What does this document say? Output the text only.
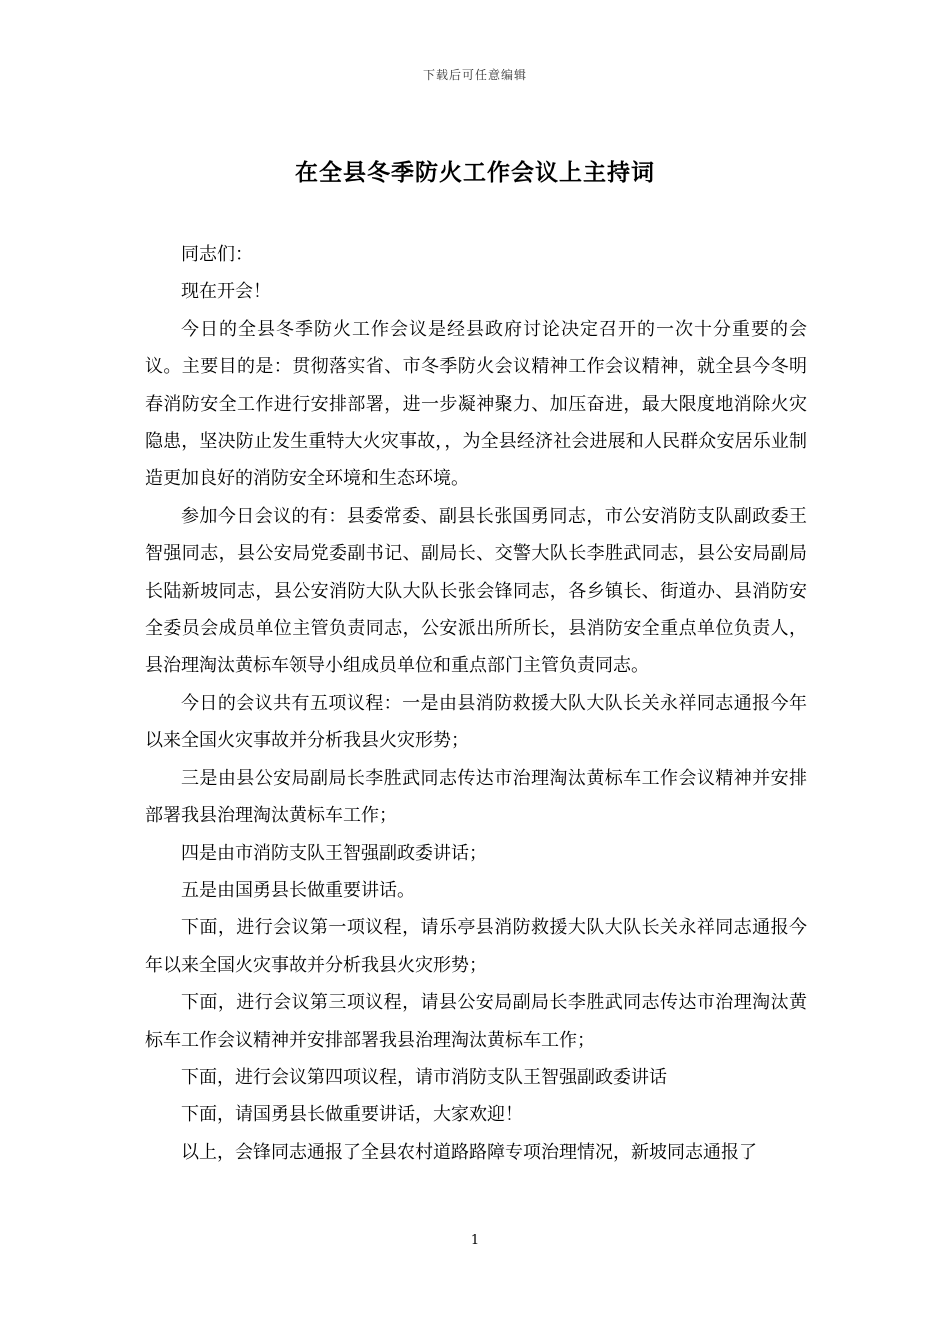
下载后可任意编辑
在全县冬季防火工作会议上主持词

同志们：

现在开会！

今日的全县冬季防火工作会议是经县政府讨论决定召开的一次十分重要的会议。主要目的是：贯彻落实省、市冬季防火会议精神工作会议精神，就全县今冬明春消防安全工作进行安排部署，进一步凝神聚力、加压奋进，最大限度地消除火灾隐患，坚决防止发生重特大火灾事故，，为全县经济社会进展和人民群众安居乐业制造更加良好的消防安全环境和生态环境。

参加今日会议的有：县委常委、副县长张国勇同志，市公安消防支队副政委王智强同志，县公安局党委副书记、副局长、交警大队长李胜武同志，县公安局副局长陆新坡同志，县公安消防大队大队长张会锋同志，各乡镇长、街道办、县消防安全委员会成员单位主管负责同志，公安派出所所长，县消防安全重点单位负责人，县治理淘汰黄标车领导小组成员单位和重点部门主管负责同志。

今日的会议共有五项议程：一是由县消防救援大队大队长关永祥同志通报今年以来全国火灾事故并分析我县火灾形势；

三是由县公安局副局长李胜武同志传达市治理淘汰黄标车工作会议精神并安排部署我县治理淘汰黄标车工作；

四是由市消防支队王智强副政委讲话；

五是由国勇县长做重要讲话。

下面，进行会议第一项议程，请乐亭县消防救援大队大队长关永祥同志通报今年以来全国火灾事故并分析我县火灾形势；

下面，进行会议第三项议程，请县公安局副局长李胜武同志传达市治理淘汰黄标车工作会议精神并安排部署我县治理淘汰黄标车工作；

下面，进行会议第四项议程，请市消防支队王智强副政委讲话

下面，请国勇县长做重要讲话，大家欢迎！

以上，会锋同志通报了全县农村道路路障专项治理情况，新坡同志通报了

1
